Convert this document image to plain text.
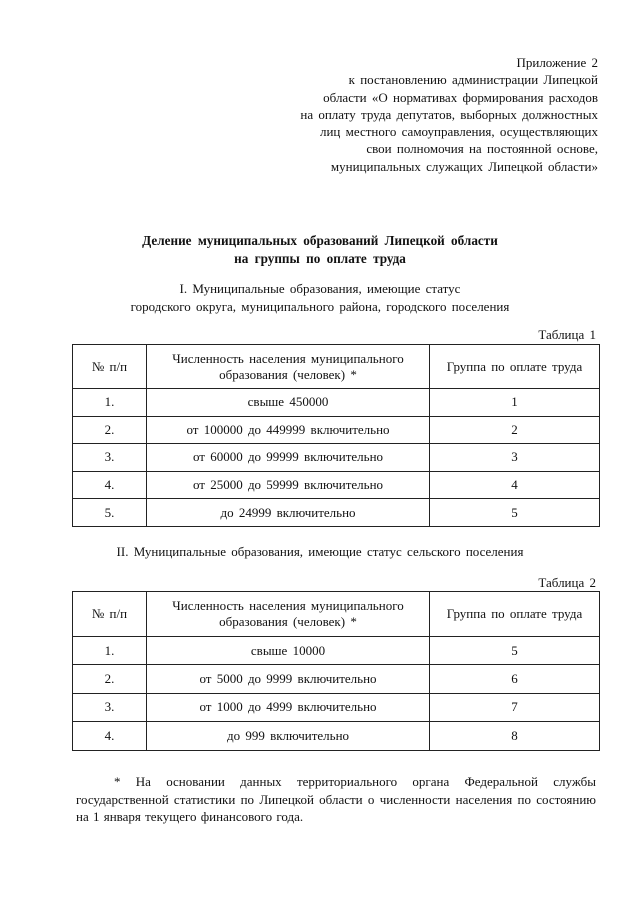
Приложение 2
к постановлению администрации Липецкой
области «О нормативах формирования расходов
на оплату труда депутатов, выборных должностных
лиц местного самоуправления, осуществляющих
свои полномочия на постоянной основе,
муниципальных служащих Липецкой области»
Деление муниципальных образований Липецкой области
на группы по оплате труда
I. Муниципальные образования, имеющие статус
городского округа, муниципального района, городского поселения
Таблица 1
№ п/п	Численность населения муниципального образования (человек) *	Группа по оплате труда
1.	свыше 450000	1
2.	от 100000 до 449999 включительно	2
3.	от 60000 до 99999 включительно	3
4.	от 25000 до 59999 включительно	4
5.	до 24999 включительно	5
II. Муниципальные образования, имеющие статус сельского поселения
Таблица 2
№ п/п	Численность населения муниципального образования (человек) *	Группа по оплате труда
1.	свыше 10000	5
2.	от 5000 до 9999 включительно	6
3.	от 1000 до 4999 включительно	7
4.	до 999 включительно	8
* На основании данных территориального органа Федеральной службы государственной статистики по Липецкой области о численности населения по состоянию на 1 января текущего финансового года.
